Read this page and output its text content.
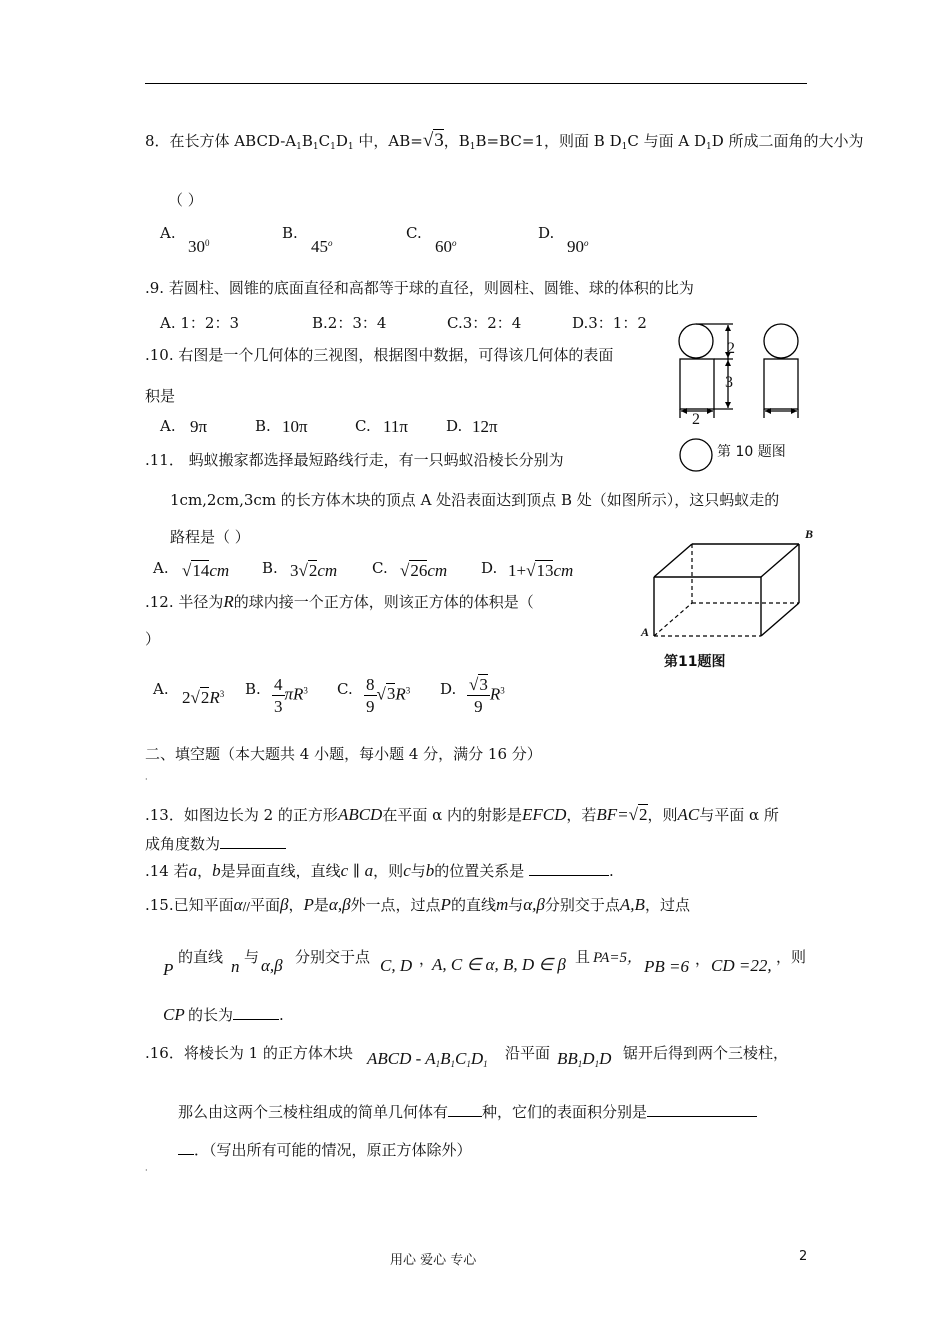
8．在长方体 ABCD-$A_1B_1C_1D_1$ 中，AB=√3，$B_1B=BC=1$，则面 B $D_1C$ 与面 A $D_1D$ 所成二面角的大小为
（ ）
A.
$30^0$
B.
45$^o$
C.
60$^o$
D.
90$^o$
.9. 若圆柱、圆锥的底面直径和高都等于球的直径，则圆柱、圆锥、球的体积的比为
A. 1：2：3	B.2：3：4	C.3：2：4	D.3：1：2
.10. 右图是一个几何体的三视图，根据图中数据，可得该几何体的表面
积是
A. 9π	B. 10π	C. 11π	D. 12π
2
3
2
第 10 题图
.11． 蚂蚁搬家都选择最短路线行走，有一只蚂蚁沿棱长分别为
1cm,2cm,3cm 的长方体木块的顶点 A 处沿表面达到顶点 B 处（如图所示），这只蚂蚁走的
路程是（ ）
A. √14cm B. 3√2cm C. √26cm D. 1+√13cm
A
B
第11题图
.12. 半径为R的球内接一个正方体，则该正方体的体积是（
）
A. $2√2R^3$ B. $\frac{4}{3} \pi R^3$ C. $\frac{8}{9} √3R^3$ D. $\frac{√3}{9} R^3$
二、填空题（本大题共 4 小题，每小题 4 分，满分 16 分）
·
.13．如图边长为 2 的正方形ABCD在平面 α 内的射影是EFCD，若BF=√2，则AC与平面 α 所
成角度数为
.14 若a，b是异面直线，直线c ∥ a，则c与b的位置关系是	.
.15.已知平面α//平面β，P是α,β外一点，过点P的直线m与α,β分别交于点A,B，过点
P
的直线 n 与 α,β 分别交于点 C, D ，
A, C ∈ α, B, D ∈ β 且 PA=5， PB =6 ， CD =22, ，则
CP 的长为	.
.16．将棱长为 1 的正方体木块 ABCD - $A_1B_1C_1D_1$
沿平面 $BB_1D_1D$ 锯开后得到两个三棱柱，
那么由这两个三棱柱组成的简单几何体有 种，它们的表面积分别是
．（写出所有可能的情况，原正方体除外）
·
用心 爱心 专心	2
